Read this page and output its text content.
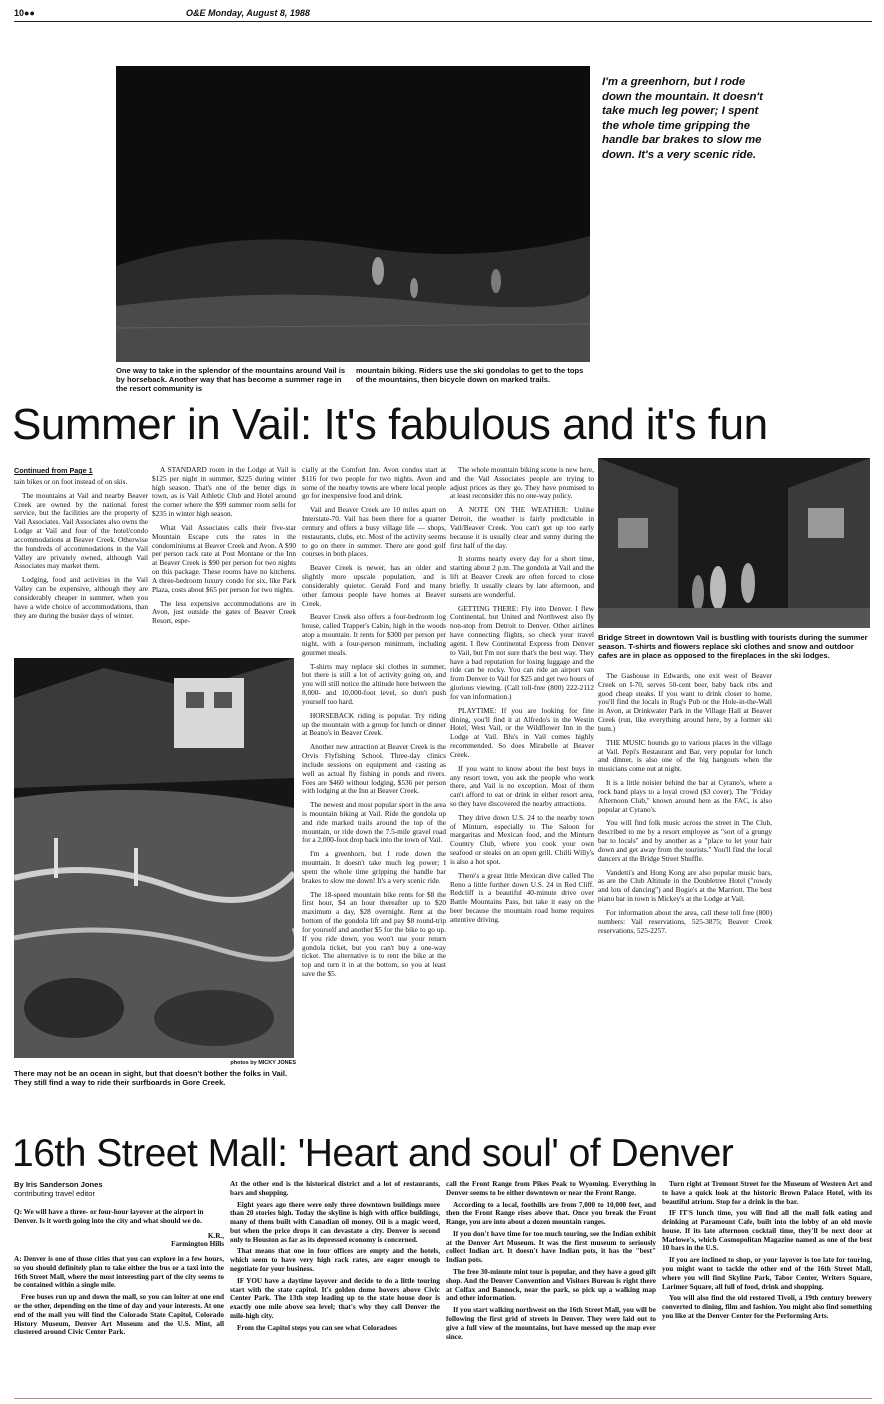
10●●	O&E Monday, August 8, 1988
I'm a greenhorn, but I rode down the mountain. It doesn't take much leg power; I spent the whole time gripping the handle bar brakes to slow me down. It's a very scenic ride.
One way to take in the splendor of the mountains around Vail is by horseback. Another way that has become a summer rage in the resort community is
mountain biking. Riders use the ski gondolas to get to the tops of the mountains, then bicycle down on marked trails.
Summer in Vail: It's fabulous and it's fun
Continued from Page 1

tain bikes or on foot instead of on skis.

The mountains at Vail and nearby Beaver Creek are owned by the national forest service, but the facilities are the property of Vail Associates. Vail Associates also owns the Lodge at Vail and four of the hotel/condo accommodations at Beaver Creek. Otherwise the hundreds of accommodations in the Vail Valley are privately owned, although Vail Associates may market them.

Lodging, food and activities in the Vail Valley can be expensive, although they are considerably cheaper in summer, when you have a wide choice of accommodations, than they are during the busier days of winter.

A STANDARD room in the Lodge at Vail is $125 per night in summer, $225 during winter high season. That's one of the better digs in town, as is Vail Athletic Club and Hotel around the corner where the $99 summer room sells for $235 in winter high season.

What Vail Associates calls their five-star Mountain Escape cuts the rates in the condominiums at Beaver Creek and Avon. A $90 per person rack rate at Post Montane or the Inn at Beaver Creek is $90 per person for two nights on this package. These rooms have no kitchens. A three-bedroom luxury condo for six, like Park Plaza, costs about $65 per person for two nights.

The less expensive accommodations are in Avon, just outside the gates of Beaver Creek Resort, espe-

photos by MICKY JONES
There may not be an ocean in sight, but that doesn't bother the folks in Vail. They still find a way to ride their surfboards in Gore Creek.

cially at the Comfort Inn. Avon condos start at $116 for two people for two nights. Avon and some of the nearby towns are where local people go for inexpensive food and drink.

Vail and Beaver Creek are 10 miles apart on Interstate-70. Vail has been there for a quarter century and offers a busy village life — shops, restaurants, clubs, etc. Most of the activity seems to go on there in summer. There are good golf courses in both places.

Beaver Creek is newer, has an older and slightly more upscale population, and is considerably quieter. Gerald Ford and many other famous people have homes at Beaver Creek.

Beaver Creek also offers a four-bedroom log house, called Trapper's Cabin, high in the woods atop a mountain. It rents for $300 per person per night, with a four-person minimum, including gourmet meals.

T-shirts may replace ski clothes in summer, but there is still a lot of activity going on, and you will still notice the altitude here between the 8,000- and 10,000-foot level, so don't push yourself too hard.

HORSEBACK riding is popular. Try riding up the mountain with a group for lunch or dinner at Beano's in Beaver Creek.

Another new attraction at Beaver Creek is the Orvis Flyfishing School. Three-day clinics include sessions on equipment and casting as well as actual fly fishing in ponds and rivers. Fees are $460 without lodging, $536 per person with lodging at the Inn at Beaver Creek.

The newest and most popular sport in the area is mountain biking at Vail. Ride the gondola up and ride marked trails around the top of the mountain, or ride down the 7.5-mile gravel road for a 2,000-foot drop back into the town of Vail.

I'm a greenhorn, but I rode down the mountain. It doesn't take much leg power; I spent the whole time gripping the handle bar brakes to slow me down! It's a very scenic ride.

The 18-speed mountain bike rents for $8 the first hour, $4 an hour thereafter up to $20 maximum a day, $28 overnight. Rent at the bottom of the gondola lift and pay $8 round-trip for yourself and another $5 for the bike to go up. If you ride down, you won't use your return gondola ticket, but you can't buy a one-way ticket. The alternative is to rent the bike at the top and turn it in at the bottom, so you at least save the $5.

The whole mountain biking scene is new here, and the Vail Associates people are trying to adjust prices as they go. They have promised to at least reconsider this no one-way policy.

A NOTE ON THE WEATHER: Unlike Detroit, the weather is fairly predictable in Vail/Beaver Creek. You can't get up too early because it is usually clear and sunny during the first half of the day.

It storms nearly every day for a short time, starting about 2 p.m. The gondola at Vail and the lift at Beaver Creek are often forced to close briefly. It usually clears by late afternoon, and sunsets are wonderful.

GETTING THERE: Fly into Denver. I flew Continental, but United and Northwest also fly non-stop from Detroit to Denver. Other airlines have connecting flights, so check your travel agent. I flew Continental Express from Denver to Vail, but I'm not sure that's the best way. They have a bad reputation for losing luggage and the ride can be rocky. You can ride an airport van from Denver to Vail for $25 and get two hours of glorious viewing. (Call toll-free (800) 222-2112 for van information.)

PLAYTIME: If you are looking for fine dining, you'll find it at Alfredo's in the Westin Hotel, West Vail, or the Wildflower Inn in the Lodge at Vail. Blu's in Vail comes highly recommended. So does Mirabelle at Beaver Creek.

If you want to know about the best buys in any resort town, you ask the people who work there, and Vail is no exception. Most of them can't afford to eat or drink in either resort area, so they have discovered the nearby attractions.

They drive down U.S. 24 to the nearby town of Minturn, especially to The Saloon for margaritas and Mexican food, and the Minturn Country Club, where you cook your own seafood or steaks on an open grill. Chilli Willy's is also a hot spot.

There's a great little Mexican dive called The Reno a little further down U.S. 24 in Red Cliff. Redcliff is a beautiful 40-minute drive over Battle Mountains Pass, but take it easy on the beer because the mountain road home requires attentive driving.

Bridge Street in downtown Vail is bustling with tourists during the summer season. T-shirts and flowers replace ski clothes and snow and outdoor cafes are in place as opposed to the fireplaces in the ski lodges.

The Gashouse in Edwards, one exit west of Beaver Creek on I-70, serves 50-cent beer, baby back ribs and good cheap steaks. If you want to drink closer to home, you'll find the locals in Rug's Pub or the Hole-in-the-Wall in Avon, at Drinkwater Park in the Village Hall at Beaver Creek (run, like everything around here, by a former ski bum.)

THE MUSIC hounds go to various places in the village at Vail. Pepi's Restaurant and Bar, very popular for lunch and dinner, is also one of the big hangouts when the musicians come out at night.

It is a little noisier behind the bar at Cyrano's, where a rock band plays to a loyal crowd ($3 cover). The "Friday Afternoon Club," known around here as the FAC, is also popular at Cyrano's.

You will find folk music across the street in The Club, described to me by a resort employee as "sort of a grungy bar to locals" and by another as a "place to let your hair down and get away from the tourists." You'll find the local dancers at the Bridge Street Shuffle.

Vandetti's and Hong Kong are also popular music bars, as are the Club Altitude in the Doubletree Hotel ("rowdy and lots of dancing") and Bogie's at the Marriott. The best piano bar in town is Mickey's at the Lodge at Vail.

For information about the area, call these toll free (800) numbers: Vail reservations, 525-3875; Beaver Creek reservations, 525-2257.

16th Street Mall: 'Heart and soul' of Denver
By Iris Sanderson Jones
contributing travel editor
Q: We will have a three- or four-hour layover at the airport in Denver. Is it worth going into the city and what should we do.
K.R.,
Farmington Hills

A: Denver is one of those cities that you can explore in a few hours, so you should definitely plan to take either the bus or a taxi into the 16th Street Mall, where the most interesting part of the city seems to be contained within a single mile.

Free buses run up and down the mall, so you can loiter at one end or the other, depending on the time of day and your interests. At one end of the mall you will find the Colorado State Capitol, Colorado History Museum, Denver Art Museum and the U.S. Mint, all clustered around Civic Center Park.

At the other end is the historical district and a lot of restaurants, bars and shopping.

Eight years ago there were only three downtown buildings more than 20 stories high. Today the skyline is high with office buildings, many of them built with Canadian oil money. Oil is a magic word, but when the price drops it can devastate a city. Denver is second only to Houston as far as its depressed economy is concerned.

That means that one in four offices are empty and the hotels, which seem to have very high rack rates, are eager enough to negotiate for your business.

IF YOU have a daytime layover and decide to do a little touring start with the state capitol. It's golden dome hovers above Civic Center Park. The 13th step leading up to the state house door is exactly one mile above sea level; that's why they call Denver the mile-high city.

From the Capitol steps you can see what Coloradoes

call the Front Range from Pikes Peak to Wyoming. Everything in Denver seems to be either downtown or near the Front Range.

According to a local, foothills are from 7,000 to 10,000 feet, and then the Front Range rises above that. Once you break the Front Range, you are into about a dozen mountain ranges.

If you don't have time for too much touring, see the Indian exhibit at the Denver Art Museum. It was the first museum to seriously collect Indian art. It doesn't have Indian pots, it has the "best" Indian pots.

The free 30-minute mint tour is popular, and they have a good gift shop. And the Denver Convention and Visitors Bureau is right there at Colfax and Bannock, near the park, so pick up a walking map and other information.

If you start walking northwest on the 16th Street Mall, you will be following the first grid of streets in Denver. They were laid out to give a full view of the mountains, but have messed up the map ever since.

Turn right at Tremont Street for the Museum of Western Art and to have a quick look at the historic Brown Palace Hotel, with its beautiful atrium. Stop for a drink in the bar.

IF IT'S lunch time, you will find all the mall folk eating and drinking at Paramount Cafe, built into the lobby of an old movie house. If its late afternoon cocktail time, they'll be next door at Marlowe's, which Cosmopolitan Magazine named as one of the best 10 bars in the U.S.

If you are inclined to shop, or your layover is too late for touring, you might want to tackle the other end of the 16th Street Mall, where you will find Skyline Park, Tabor Center, Writers Square, Larimer Square, all full of food, drink and shopping.

You will also find the old restored Tivoli, a 19th century brewery converted to dining, film and fashion. You might also find something you like at the Denver Center for the Performing Arts.
